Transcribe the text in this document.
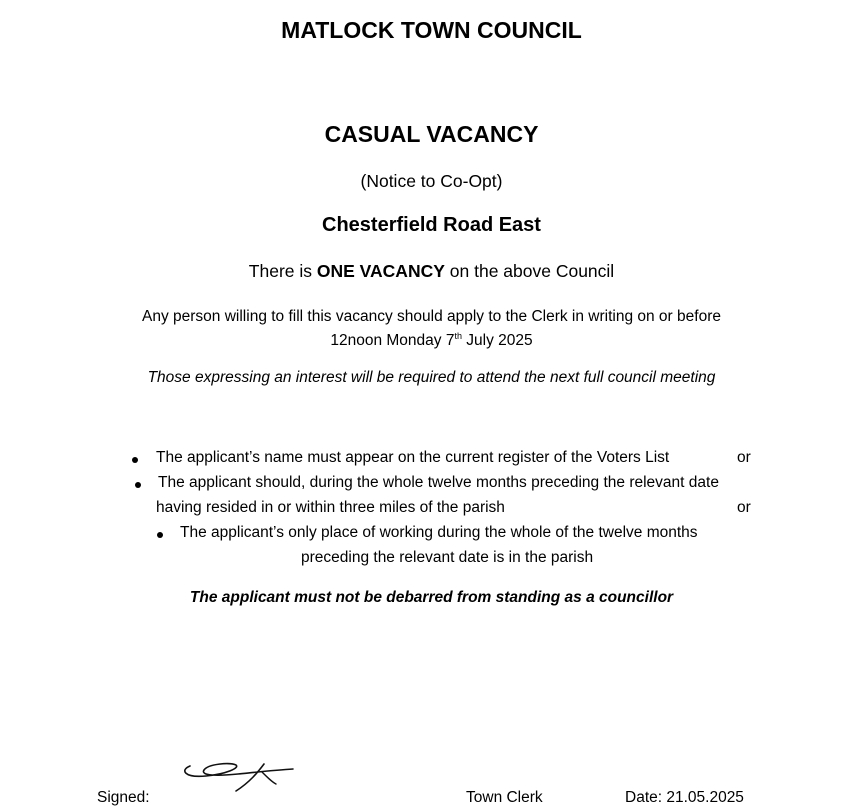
MATLOCK TOWN COUNCIL
CASUAL VACANCY
(Notice to Co-Opt)
Chesterfield Road East
There is ONE VACANCY on the above Council
Any person willing to fill this vacancy should apply to the Clerk in writing on or before
12noon Monday 7th July 2025
Those expressing an interest will be required to attend the next full council meeting
The applicant’s name must appear on the current register of the Voters List	or
The applicant should, during the whole twelve months preceding the relevant date
having resided in or within three miles of the parish	or
The applicant’s only place of working during the whole of the twelve months
preceding the relevant date is in the parish
The applicant must not be debarred from standing as a councillor
Signed:	Town Clerk	Date: 21.05.2025
